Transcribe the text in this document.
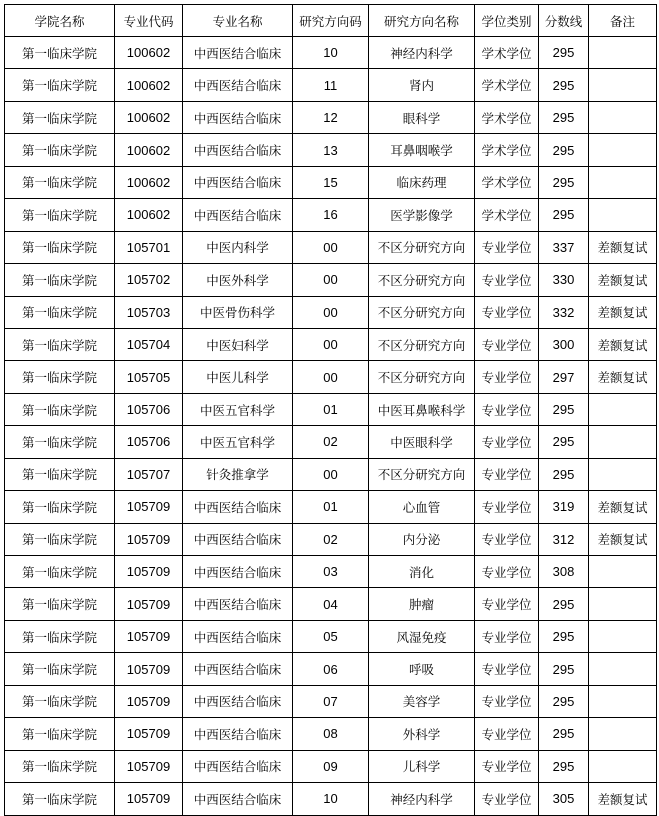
学院名称	专业代码	专业名称	研究方向码	研究方向名称	学位类别	分数线	备注
第一临床学院	100602	中西医结合临床	10	神经内科学	学术学位	295	
第一临床学院	100602	中西医结合临床	11	肾内	学术学位	295	
第一临床学院	100602	中西医结合临床	12	眼科学	学术学位	295	
第一临床学院	100602	中西医结合临床	13	耳鼻咽喉学	学术学位	295	
第一临床学院	100602	中西医结合临床	15	临床药理	学术学位	295	
第一临床学院	100602	中西医结合临床	16	医学影像学	学术学位	295	
第一临床学院	105701	中医内科学	00	不区分研究方向	专业学位	337	差额复试
第一临床学院	105702	中医外科学	00	不区分研究方向	专业学位	330	差额复试
第一临床学院	105703	中医骨伤科学	00	不区分研究方向	专业学位	332	差额复试
第一临床学院	105704	中医妇科学	00	不区分研究方向	专业学位	300	差额复试
第一临床学院	105705	中医儿科学	00	不区分研究方向	专业学位	297	差额复试
第一临床学院	105706	中医五官科学	01	中医耳鼻喉科学	专业学位	295	
第一临床学院	105706	中医五官科学	02	中医眼科学	专业学位	295	
第一临床学院	105707	针灸推拿学	00	不区分研究方向	专业学位	295	
第一临床学院	105709	中西医结合临床	01	心血管	专业学位	319	差额复试
第一临床学院	105709	中西医结合临床	02	内分泌	专业学位	312	差额复试
第一临床学院	105709	中西医结合临床	03	消化	专业学位	308	
第一临床学院	105709	中西医结合临床	04	肿瘤	专业学位	295	
第一临床学院	105709	中西医结合临床	05	风湿免疫	专业学位	295	
第一临床学院	105709	中西医结合临床	06	呼吸	专业学位	295	
第一临床学院	105709	中西医结合临床	07	美容学	专业学位	295	
第一临床学院	105709	中西医结合临床	08	外科学	专业学位	295	
第一临床学院	105709	中西医结合临床	09	儿科学	专业学位	295	
第一临床学院	105709	中西医结合临床	10	神经内科学	专业学位	305	差额复试
